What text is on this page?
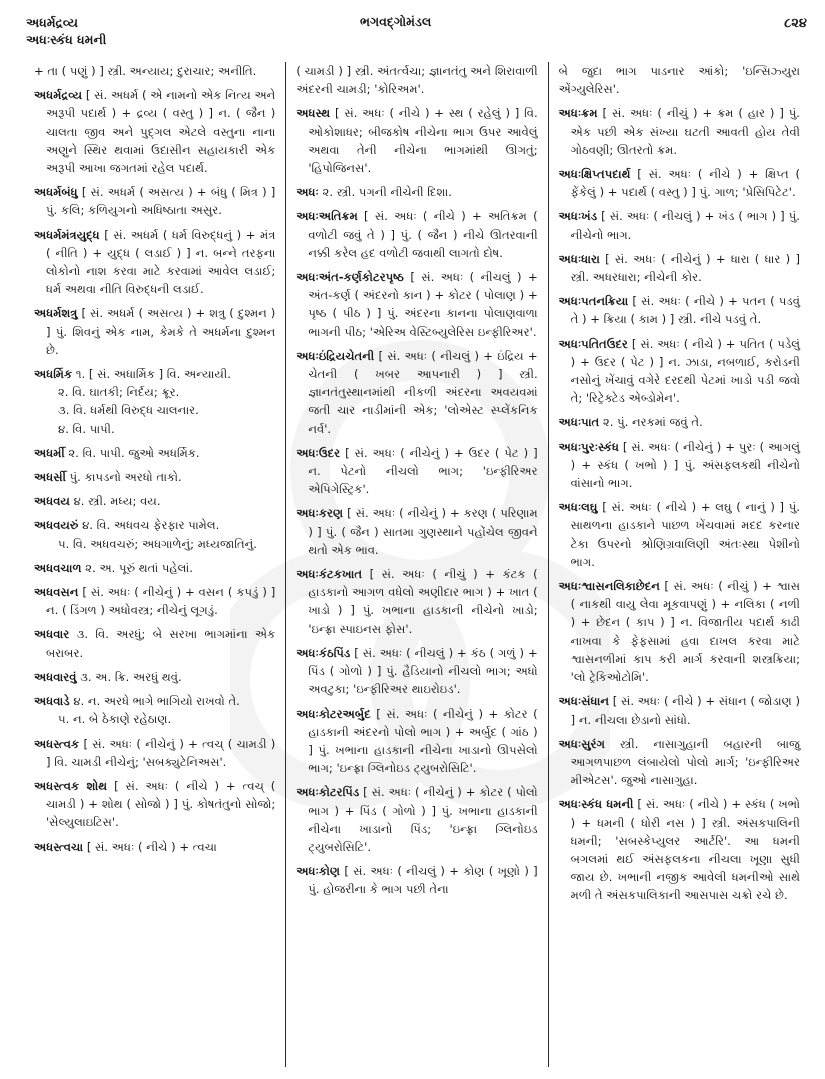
અધર્મદ્રવ્ય
અધઃસ્કંધ ધમની
ભગવદ્ગોમંડલ	૮૨૪
+ તા ( પણું ) ] સ્ત્રી. અન્યાય; દુરાચાર; અનીતિ.
અધર્મદ્રવ્ય [ સં. અધર્મ ( એ નામનો એક નિત્ય અને અરૂપી પદાર્થ ) + દ્રવ્ય ( વસ્તુ ) ] ન. ( જૈન ) ચાલતા જીવ અને પુદ્ગલ એટલે વસ્તુના નાના અણુને સ્થિર થવામાં ઉદાસીન સહાયકારી એક અરૂપી આખા જગતમાં રહેલ પદાર્થ.
અધર્મબંધુ [ સં. અધર્મ ( અસત્ય ) + બંધુ ( મિત્ર ) ] પું. કલિ; કળિયુગનો અધિષ્ઠાતા અસુર.
અધર્મમંત્રયુદ્ધ [ સં. અધર્મ ( ધર્મ વિરુદ્ધનું ) + મંત્ર ( નીતિ ) + યુદ્ધ ( લડાઈ ) ] ન. બન્ને તરફના લોકોનો નાશ કરવા માટે કરવામાં આવેલ લડાઈ; ધર્મ અથવા નીતિ વિરુદ્ધની લડાઈ.
અધર્મશત્રુ [ સં. અધર્મ ( અસત્ય ) + શત્રુ ( દુશ્મન ) ] પું. શિવનું એક નામ, કેમકે તે અધર્મના દુશ્મન છે.
અધર્મિક ૧. [ સં. અધાર્મિક ] વિ. અન્યાયી.
૨. વિ. ઘાતકી; નિર્દય; ક્રૂર.
૩. વિ. ધર્મથી વિરુદ્ધ ચાલનાર.
૪. વિ. પાપી.
અધર્મી ૨. વિ. પાપી. જુઓ અધર્મિક.
અધર્સી પું. કાપડનો અરધો તાકો.
અધવય ૪. સ્ત્રી. મધ્ય; વય.
અધવયરું ૪. વિ. અધવચ ફેરફાર પામેલ.
૫. વિ. અધવચરું; અધગાળેનું; મધ્યજાતિનું.
અધવચાળ ૨. અ. પૂરું થતાં પહેલાં.
અધવસન [ સં. અધઃ ( નીચેનું ) + વસન ( કપડું ) ] ન. ( ડિંગળ ) અધોવસ્ત્ર; નીચેનું લૂગડું.
અધવાર ૩. વિ. અરધું; બે સરખા ભાગમાંના એક બરાબર.
અધવારવું ૩. અ. ક્રિ. અરધું થવું.
અધવાડે ૪. ન. અરધે ભાગે ભાગિયો રાખવો તે.
૫. ન. બે ઠેકાણે રહેઠાણ.
અધસ્ત્વક [ સં. અધઃ ( નીચેનું ) + ત્વચ્ ( ચામડી ) ] વિ. ચામડી નીચેનું; 'સબક્યુટેનિઅસ'.
અધસ્ત્વક શોથ [ સં. અધઃ ( નીચે ) + ત્વચ્ ( ચામડી ) + શોથ ( સોજો ) ] પું. કોષતંતુનો સોજો; 'સેલ્યુલાઇટિસ'.
અધસ્ત્વચા [ સં. અધઃ ( નીચે ) + ત્વચા
( ચામડી ) ] સ્ત્રી. અંતર્ત્વચા; જ્ઞાનતંતુ અને શિરાવાળી અંદરની ચામડી; 'કોરિઅમ'.
અધસ્થ [ સં. અધઃ ( નીચે ) + સ્થ ( રહેલું ) ] વિ. ઓકોશાધર; બીજકોષ નીચેના ભાગ ઉપર આવેલું અથવા તેની નીચેના ભાગમાંથી ઊગતું; 'હિપોજિનસ'.
અધઃ ૨. સ્ત્રી. પગની નીચેની દિશા.
અધઃઅતિક્રમ [ સં. અધઃ ( નીચે ) + અતિક્રમ ( વળોટી જવું તે ) ] પું. ( જૈન ) નીચે ઊતરવાની નક્કી કરેલ હદ વળોટી જવાથી લાગતો દોષ.
અધઃઅંત-કર્ણકોટરપૃષ્ઠ [ સં. અધઃ ( નીચલું ) + અંત-કર્ણ ( અંદરનો કાન ) + કોટર ( પોલાણ ) + પૃષ્ઠ ( પીઠ ) ] પું. અંદરના કાનના પોલાણવાળા ભાગની પીઠ; 'એરિઅ વેસ્ટિબ્યુલેરિસ ઇન્ફીરિઅર'.
અધઃઇંદ્રિયચેતની [ સં. અધઃ ( નીચલું ) + ઇંદ્રિય + ચેતની ( ખબર આપનારી ) ] સ્ત્રી. જ્ઞાનતંતુસ્થાનમાંથી નીકળી અંદરના અવયવમાં જતી ચાર નાડીમાંની એક; 'લોએસ્ટ સ્પ્લેંકનિક નર્વ'.
અધઃઉદર [ સં. અધઃ ( નીચેનું ) + ઉદર ( પેટ ) ] ન. પેટનો નીચલો ભાગ; 'ઇન્ફીરિઅર એપિગેસ્ટ્રિક'.
અધઃકરણ [ સં. અધઃ ( નીચેનું ) + કરણ ( પરિણામ ) ] પું. ( જૈન ) સાતમા ગુણસ્થાને પહોંચેલ જીવને થતો એક ભાવ.
અધઃકંટકખાત [ સં. અધઃ ( નીચું ) + કંટક ( હાડકાનો આગળ વધેલો અણીદાર ભાગ ) + ખાત ( ખાડો ) ] પું. ખભાના હાડકાની નીચેનો ખાડો; 'ઇન્ફ્રા સ્પાઇનસ ફોસ'.
અધઃકંઠપિંડ [ સં. અધઃ ( નીચલું ) + કંઠ ( ગળું ) + પિંડ ( ગોળો ) ] પું. હૈડિયાનો નીચલો ભાગ; અધો અવટુકા; 'ઇન્ફીરિઅર થાઇરોઇડ'.
અધઃકોટરઅર્બુદ [ સં. અધઃ ( નીચેનું ) + કોટર ( હાડકાની અંદરનો પોલો ભાગ ) + અર્બુદ ( ગાંઠ ) ] પું. ખભાના હાડકાની નીચેના ખાડાનો ઊપસેલો ભાગ; 'ઇન્ફ્રા ગ્લિનોઇડ ટ્યુબરોસિટિ'.
અધઃકોટરપિંડ [ સં. અધઃ ( નીચેનું ) + કોટર ( પોલો ભાગ ) + પિંડ ( ગોળો ) ] પું. ખભાના હાડકાની નીચેના ખાડાનો પિંડ; 'ઇન્ફ્રા ગ્લિનોઇડ ટ્યુબરોસિટિ'.
અધઃકોણ [ સં. અધઃ ( નીચલું ) + કોણ ( ખૂણો ) ] પું. હોજરીના કે ભાગ પછી તેના
બે જુદા ભાગ પાડનાર આંકો; 'ઇન્સિઝ્યુરા એંગ્યુલેરિસ'.
અધઃક્રમ [ સં. અધઃ ( નીચું ) + ક્રમ ( હાર ) ] પું. એક પછી એક સંખ્યા ઘટતી આવતી હોય તેવી ગોઠવણી; ઊતરતો ક્રમ.
અધઃક્ષિપ્તપદાર્થ [ સં. અધઃ ( નીચે ) + ક્ષિપ્ત ( ફેંકેલું ) + પદાર્થ ( વસ્તુ ) ] પું. ગાળ; 'પ્રેસિપિટેટ'.
અધઃખંડ [ સં. અધઃ ( નીચલું ) + ખંડ ( ભાગ ) ] પું. નીચેનો ભાગ.
અધઃધારા [ સં. અધઃ ( નીચેનું ) + ધારા ( ધાર ) ] સ્ત્રી. અધરધારા; નીચેની કોર.
અધઃપતનક્રિયા [ સં. અધઃ ( નીચે ) + પતન ( પડવું તે ) + ક્રિયા ( કામ ) ] સ્ત્રી. નીચે પડવું તે.
અધઃપતિતઉદર [ સં. અધઃ ( નીચે ) + પતિત ( પડેલું ) + ઉદર ( પેટ ) ] ન. ઝાડા, નબળાઈ, કરોડની નસોનું ખેંચાવું વગેરે દરદથી પેટમાં ખાડો પડી જવો તે; 'રિટ્રેક્ટેડ એબ્ડોમેન'.
અધઃપાત ૨. પું. નરકમાં જવું તે.
અધઃપુરઃસ્કંધ [ સં. અધઃ ( નીચેનું ) + પુરઃ ( આગલું ) + સ્કંધ ( ખભો ) ] પું. અંસફલકથી નીચેનો વાંસાનો ભાગ.
અધઃલઘુ [ સં. અધઃ ( નીચે ) + લઘુ ( નાનું ) ] પું. સાથળના હાડકાને પાછળ ખેંચવામાં મદદ કરનાર ટેકા ઉપરનો શ્રોણિગ્રવાલિણી અંતઃસ્થા પેશીનો ભાગ.
અધઃશ્વાસનલિકાછેદન [ સં. અધઃ ( નીચું ) + શ્વાસ ( નાકથી વાયુ લેવા મૂકવાપણું ) + નલિકા ( નળી ) + છેદન ( કાપ ) ] ન. વિજાતીય પદાર્થ કાઢી નાખવા કે ફેફસામાં હવા દાખલ કરવા માટે શ્વાસનળીમાં કાપ કરી માર્ગ કરવાની શસ્ત્રક્રિયા; 'લો ટ્રેકિઓટોમિ'.
અધઃસંધાન [ સં. અધઃ ( નીચે ) + સંધાન ( જોડાણ ) ] ન. નીચલા છેડાનો સાંધો.
અધઃસુરંગ સ્ત્રી. નાસાગુહાની બહારની બાજુ આગળપાછળ લંબાયેલો પોલો માર્ગ; 'ઇન્ફીરિઅર મીએટસ'. જુઓ નાસાગુહા.
અધઃસ્કંધ ધમની [ સં. અધઃ ( નીચે ) + સ્કંધ ( ખભો ) + ધમની ( ધોરી નસ ) ] સ્ત્રી. અંસકપાલિની ધમની; 'સબસ્કેપ્યુલર આર્ટરિ'. આ ધમની બગલમાં થઈ અંસફલકના નીચલા ખૂણા સુધી જાય છે. ખભાની નજીક આવેલી ધમનીઓ સાથે મળી તે અંસકપાલિકાની આસપાસ ચક્રો રચે છે.
